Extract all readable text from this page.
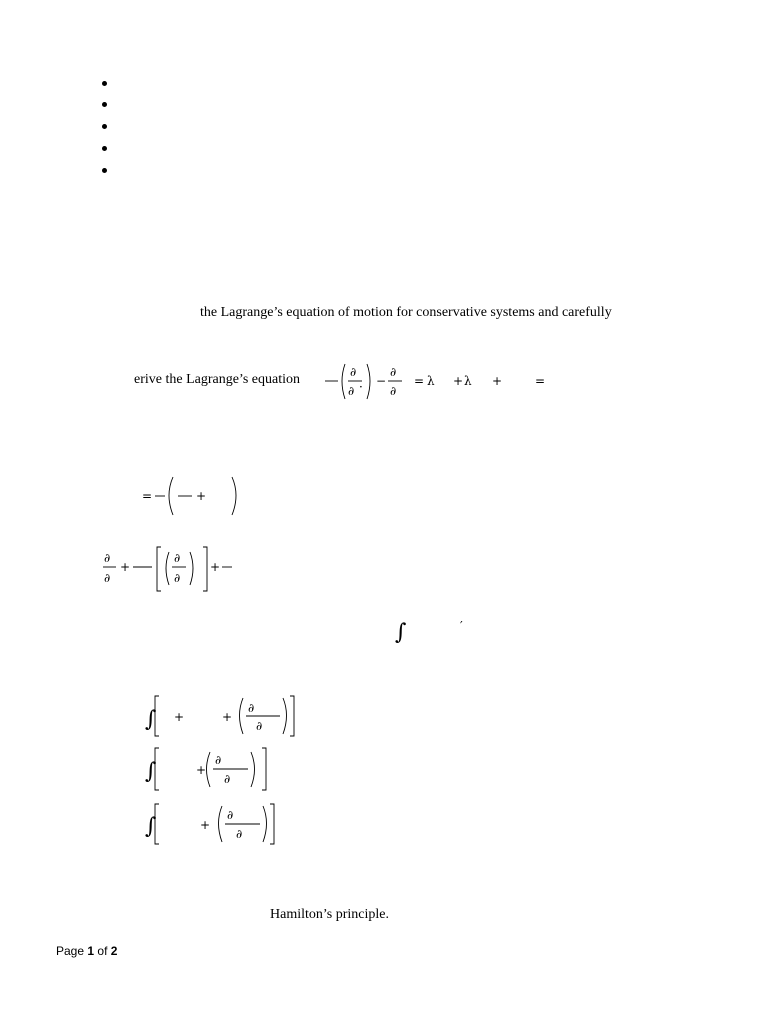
the Lagrange’s equation of motion for conservative systems and carefully
erive the Lagrange’s equation	∂
∂ · −
∂
∂
= λ + λ +	=
=	+
∂
∂
+
∂
∂
+
∫	′
∫ +	+
∂
∂
∫	+
∂
∂
∫	+
∂
∂
Hamilton’s principle.
Page 1 of 2
